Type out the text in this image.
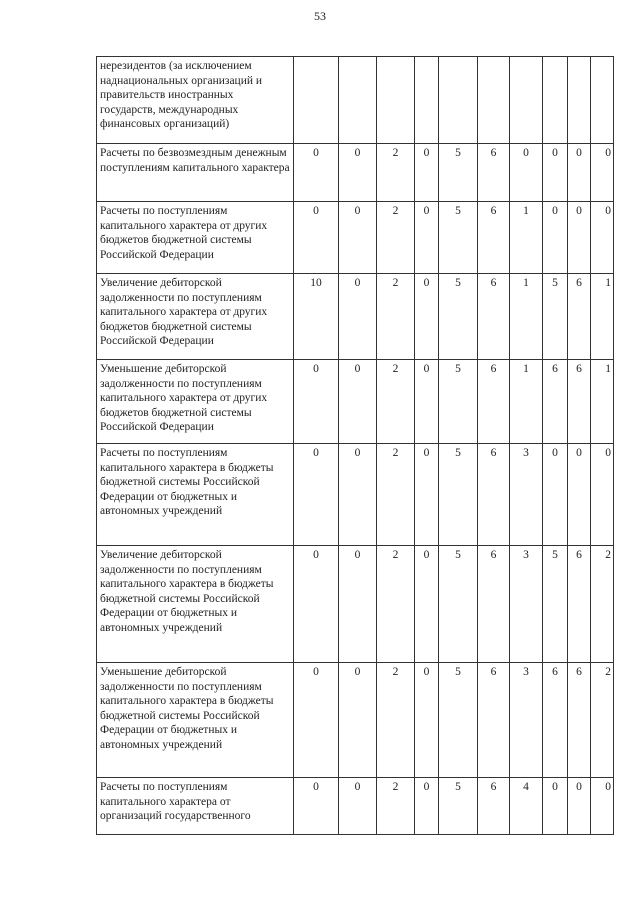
53
нерезидентов (за исключением наднациональных организаций и правительств иностранных государств, международных финансовых организаций)										
Расчеты по безвозмездным денежным поступлениям капитального характера	0	0	2	0	5	6	0	0	0	0
Расчеты по поступлениям капитального характера от других бюджетов бюджетной системы Российской Федерации	0	0	2	0	5	6	1	0	0	0
Увеличение дебиторской задолженности по поступлениям капитального характера от других бюджетов бюджетной системы Российской Федерации	10	0	2	0	5	6	1	5	6	1
Уменьшение дебиторской задолженности по поступлениям капитального характера от других бюджетов бюджетной системы Российской Федерации	0	0	2	0	5	6	1	6	6	1
Расчеты по поступлениям капитального характера в бюджеты бюджетной системы Российской Федерации от бюджетных и автономных учреждений	0	0	2	0	5	6	3	0	0	0
Увеличение дебиторской задолженности по поступлениям капитального характера в бюджеты бюджетной системы Российской Федерации от бюджетных и автономных учреждений	0	0	2	0	5	6	3	5	6	2
Уменьшение дебиторской задолженности по поступлениям капитального характера в бюджеты бюджетной системы Российской Федерации от бюджетных и автономных учреждений	0	0	2	0	5	6	3	6	6	2
Расчеты по поступлениям капитального характера от организаций государственного	0	0	2	0	5	6	4	0	0	0
